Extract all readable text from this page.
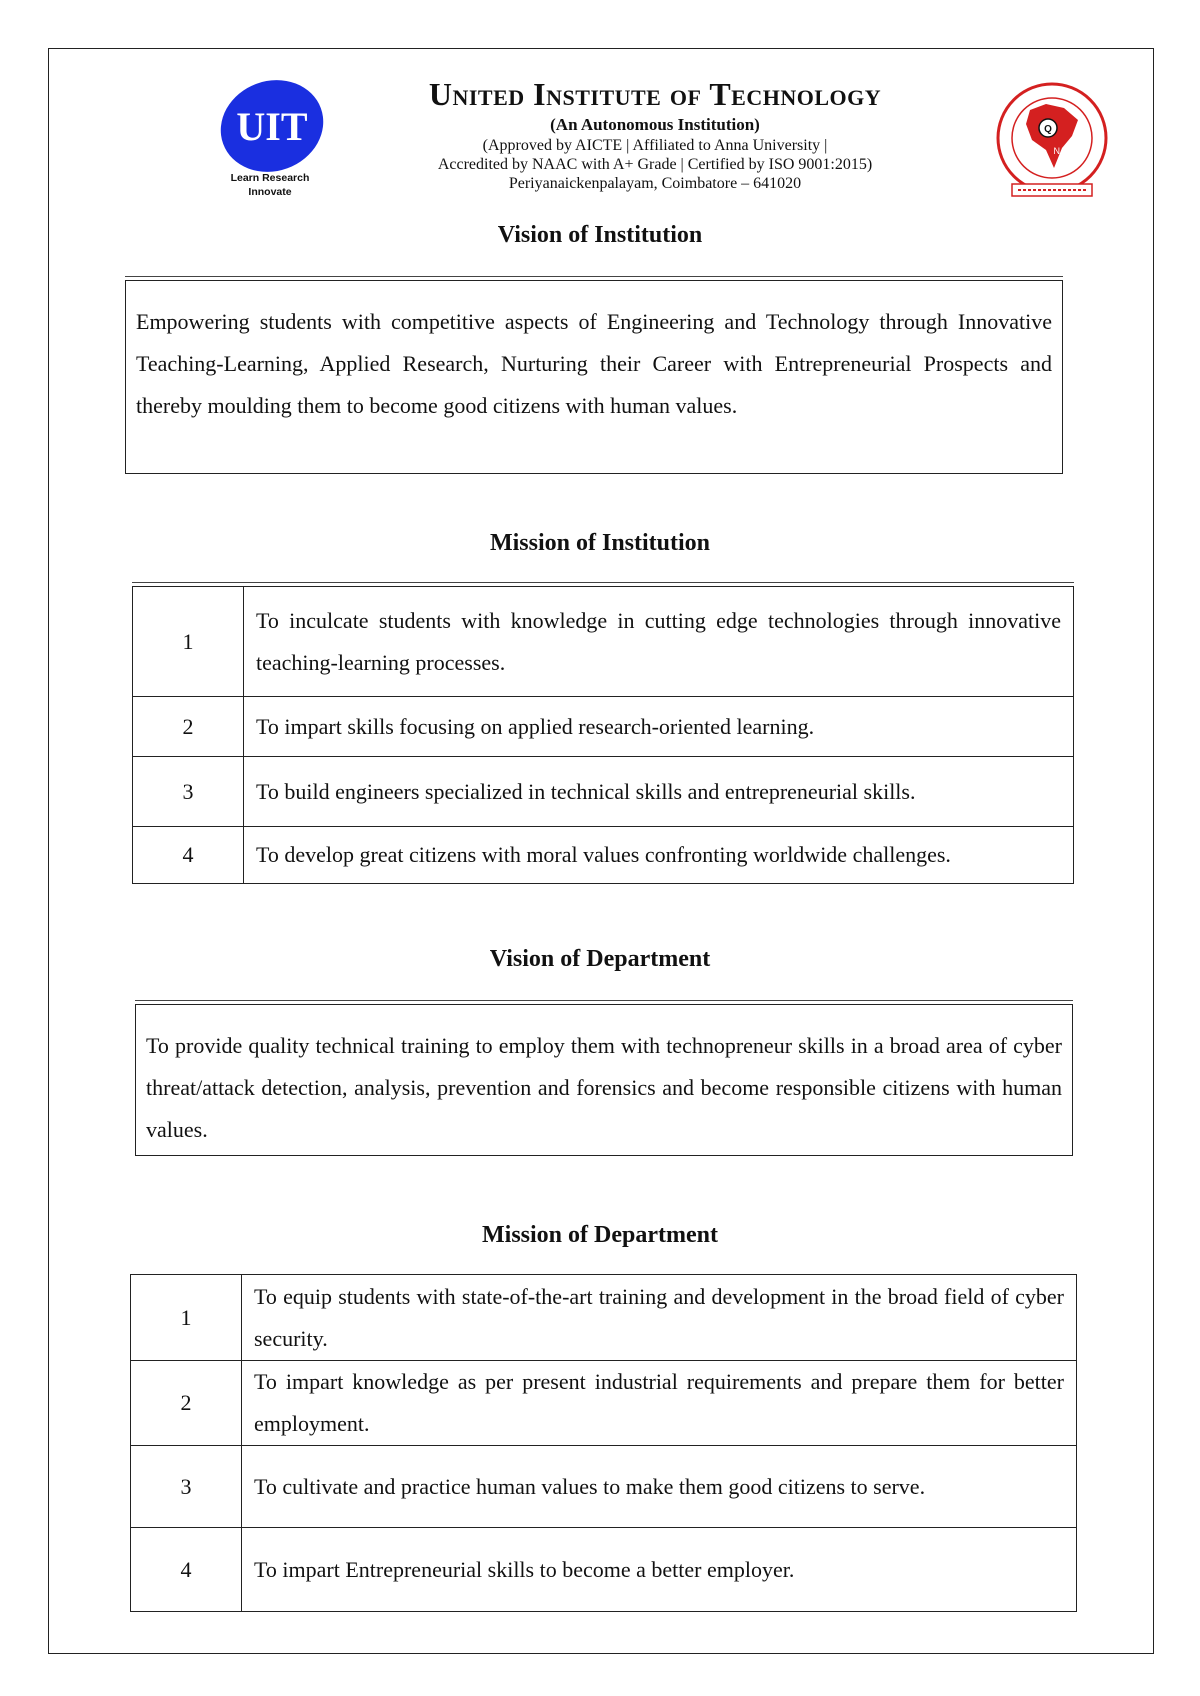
UIT
Learn Research
Innovate
United Institute of Technology
(An Autonomous Institution)
(Approved by AICTE | Affiliated to Anna University |
Accredited by NAAC with A+ Grade | Certified by ISO 9001:2015)
Periyanaickenpalayam, Coimbatore – 641020
Q
NAAC
Vision of Institution
Empowering students with competitive aspects of Engineering and Technology through Innovative Teaching-Learning, Applied Research, Nurturing their Career with Entrepreneurial Prospects and thereby moulding them to become good citizens with human values.
Mission of Institution
1	To inculcate students with knowledge in cutting edge technologies through innovative teaching-learning processes.
2	To impart skills focusing on applied research-oriented learning.
3	To build engineers specialized in technical skills and entrepreneurial skills.
4	To develop great citizens with moral values confronting worldwide challenges.
Vision of Department
To provide quality technical training to employ them with technopreneur skills in a broad area of cyber threat/attack detection, analysis, prevention and forensics and become responsible citizens with human values.
Mission of Department
1	To equip students with state-of-the-art training and development in the broad field of cyber security.
2	To impart knowledge as per present industrial requirements and prepare them for better employment.
3	To cultivate and practice human values to make them good citizens to serve.
4	To impart Entrepreneurial skills to become a better employer.
